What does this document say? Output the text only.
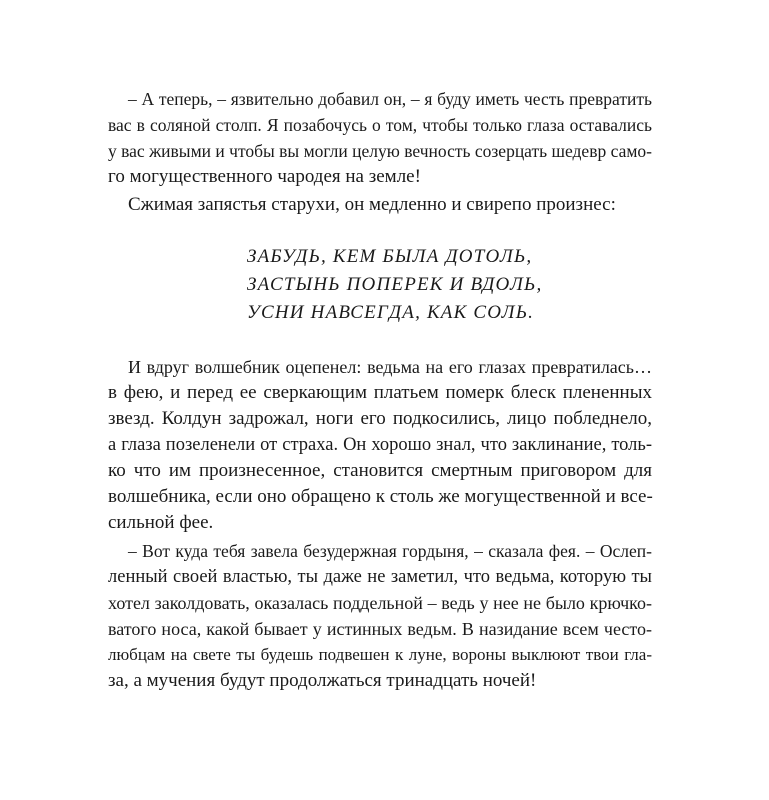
– А теперь, – язвительно добавил он, – я буду иметь честь превратить
вас в соляной столп. Я позабочусь о том, чтобы только глаза оставались
у вас живыми и чтобы вы могли целую вечность созерцать шедевр само-
го могущественного чародея на земле!
Сжимая запястья старухи, он медленно и свирепо произнес:
ЗАБУДЬ, КЕМ БЫЛА ДОТОЛЬ,
ЗАСТЫНЬ ПОПЕРЕК И ВДОЛЬ,
УСНИ НАВСЕГДА, КАК СОЛЬ.
И вдруг волшебник оцепенел: ведьма на его глазах превратилась…
в фею, и перед ее сверкающим платьем померк блеск плененных
звезд. Колдун задрожал, ноги его подкосились, лицо побледнело,
а глаза позеленели от страха. Он хорошо знал, что заклинание, толь-
ко что им произнесенное, становится смертным приговором для
волшебника, если оно обращено к столь же могущественной и все-
сильной фее.
– Вот куда тебя завела безудержная гордыня, – сказала фея. – Ослеп-
ленный своей властью, ты даже не заметил, что ведьма, которую ты
хотел заколдовать, оказалась поддельной – ведь у нее не было крючко-
ватого носа, какой бывает у истинных ведьм. В назидание всем често-
любцам на свете ты будешь подвешен к луне, вороны выклюют твои гла-
за, а мучения будут продолжаться тринадцать ночей!
